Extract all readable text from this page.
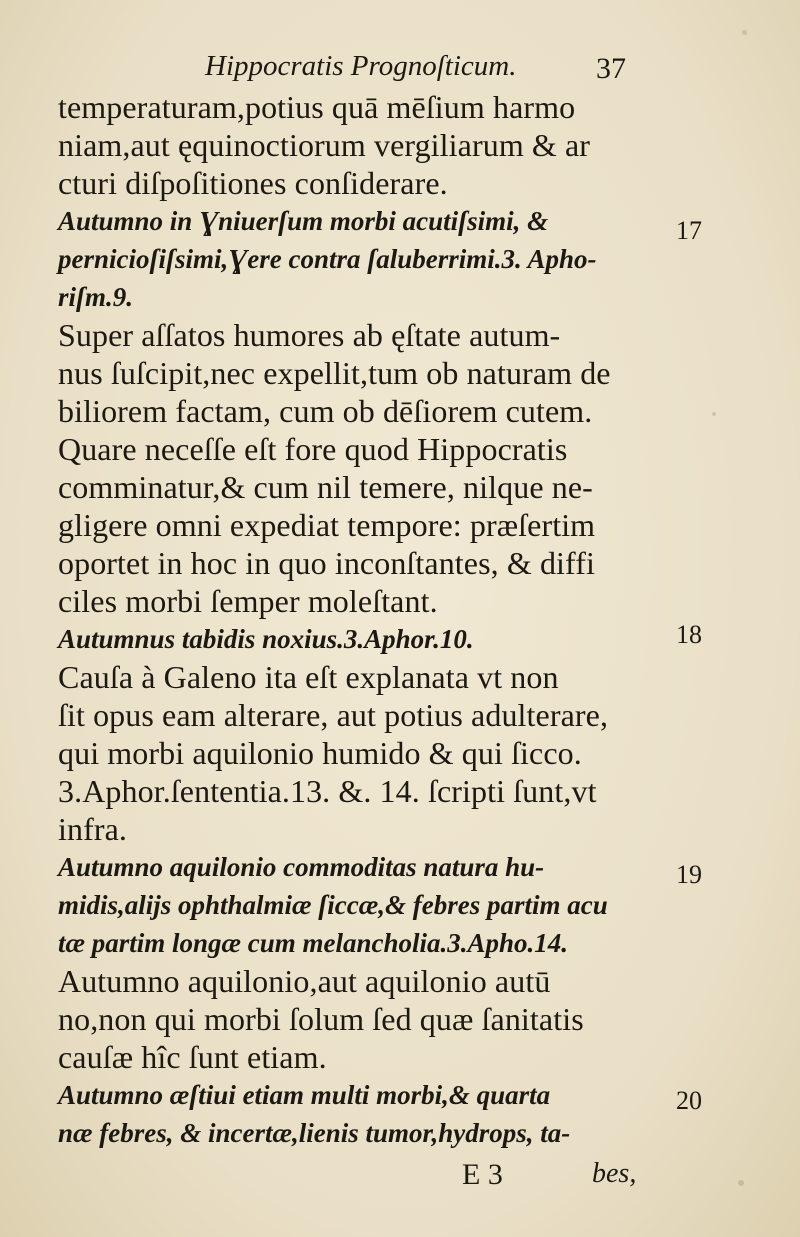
Hippocratis Prognoſticum.	37
temperaturam,potius quā mēſium harmo
niam,aut ęquinoctiorum vergiliarum & ar
cturi diſpoſitiones conſiderare.
Autumno in Ɣniuerſum morbi acutiſsimi, &
pernicioſiſsimi,Ɣere contra ſaluberrimi.3. Apho-
riſm.9.
Super aſſatos humores ab ęſtate autum-
nus ſuſcipit,nec expellit,tum ob naturam de
biliorem factam, cum ob dēſiorem cutem.
Quare neceſſe eſt fore quod Hippocratis
comminatur,& cum nil temere, nilque ne-
gligere omni expediat tempore: præſertim
oportet in hoc in quo inconſtantes, & diffi
ciles morbi ſemper moleſtant.
Autumnus tabidis noxius.3.Aphor.10.
Cauſa à Galeno ita eſt explanata vt non
ſit opus eam alterare, aut potius adulterare,
qui morbi aquilonio humido & qui ſicco.
3.Aphor.ſententia.13. &. 14. ſcripti ſunt,vt
infra.
Autumno aquilonio commoditas natura hu-
midis,alijs ophthalmiæ ſiccæ,& febres partim acu
tæ partim longæ cum melancholia.3.Apho.14.
Autumno aquilonio,aut aquilonio autū
no,non qui morbi ſolum ſed quæ ſanitatis
cauſæ hîc ſunt etiam.
Autumno æſtiui etiam multi morbi,& quarta
næ febres, & incertæ,lienis tumor,hydrops, ta-
17
18
19
20
E 3	bes,
